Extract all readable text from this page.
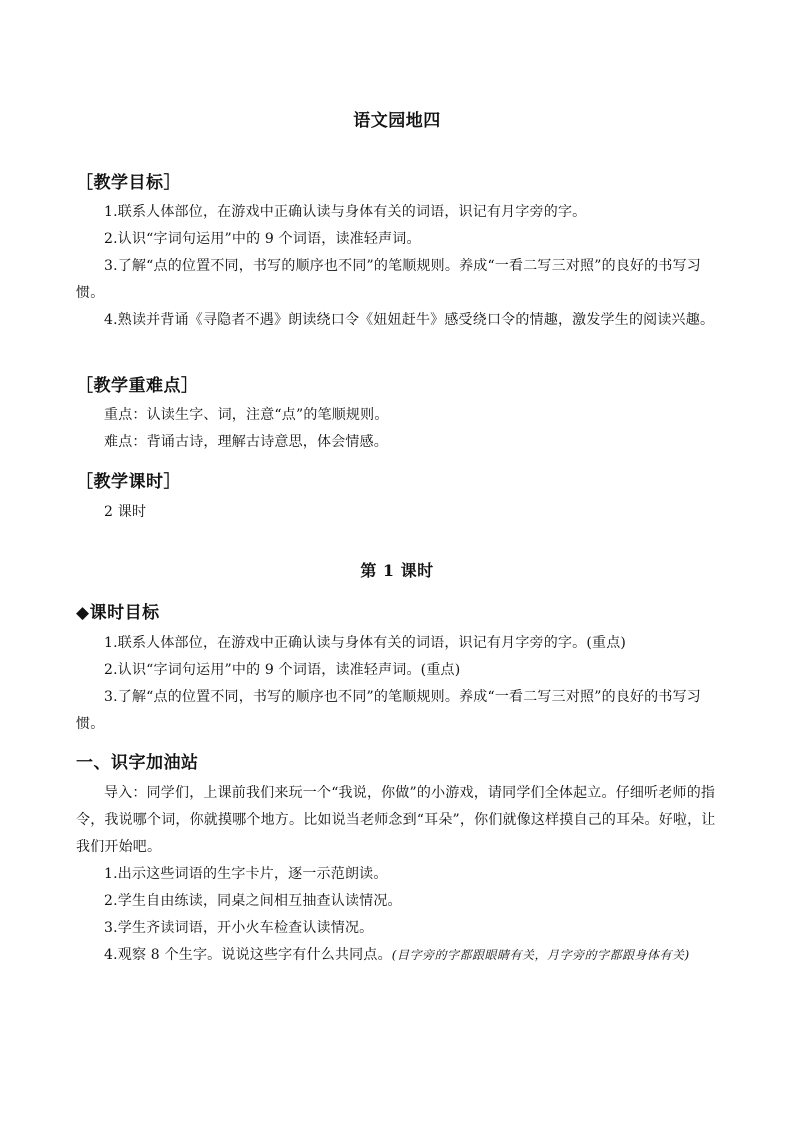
语文园地四
［教学目标］
1.联系人体部位，在游戏中正确认读与身体有关的词语，识记有月字旁的字。
2.认识“字词句运用”中的 9 个词语，读准轻声词。
3.了解“点的位置不同，书写的顺序也不同”的笔顺规则。养成“一看二写三对照”的良好的书写习惯。
4.熟读并背诵《寻隐者不遇》朗读绕口令《妞妞赶牛》感受绕口令的情趣，激发学生的阅读兴趣。
［教学重难点］
重点：认读生字、词，注意“点”的笔顺规则。
难点：背诵古诗，理解古诗意思，体会情感。
［教学课时］
2 课时
第 1 课时
◆课时目标
1.联系人体部位，在游戏中正确认读与身体有关的词语，识记有月字旁的字。(重点)
2.认识“字词句运用”中的 9 个词语，读准轻声词。(重点)
3.了解“点的位置不同，书写的顺序也不同”的笔顺规则。养成“一看二写三对照”的良好的书写习惯。
一、识字加油站
导入：同学们，上课前我们来玩一个“我说，你做”的小游戏，请同学们全体起立。仔细听老师的指令，我说哪个词，你就摸哪个地方。比如说当老师念到“耳朵”，你们就像这样摸自己的耳朵。好啦，让我们开始吧。
1.出示这些词语的生字卡片，逐一示范朗读。
2.学生自由练读，同桌之间相互抽查认读情况。
3.学生齐读词语，开小火车检查认读情况。
4.观察 8 个生字。说说这些字有什么共同点。(目字旁的字都跟眼睛有关，月字旁的字都跟身体有关)
